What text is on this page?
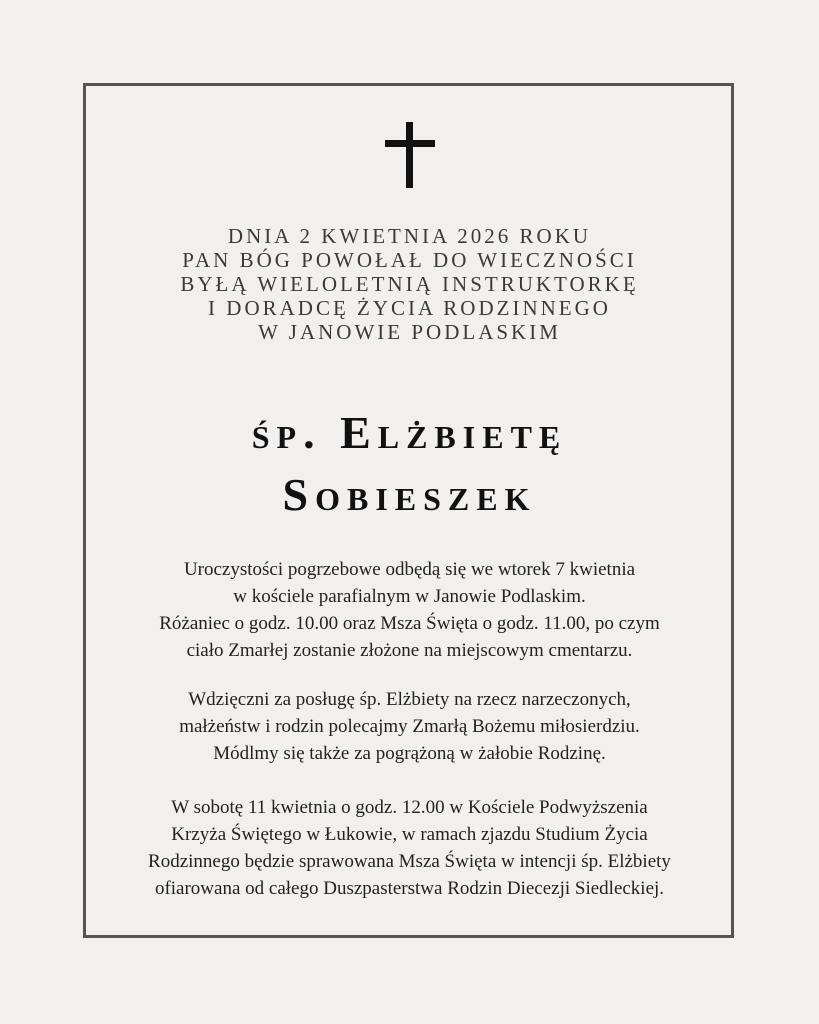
DNIA 2 KWIETNIA 2026 ROKU
PAN BÓG POWOŁAŁ DO WIECZNOŚCI
BYŁĄ WIELOLETNIĄ INSTRUKTORKĘ
I DORADCĘ ŻYCIA RODZINNEGO
W JANOWIE PODLASKIM
śp. Elżbietę
Sobieszek
Uroczystości pogrzebowe odbędą się we wtorek 7 kwietnia
w kościele parafialnym w Janowie Podlaskim.
Różaniec o godz. 10.00 oraz Msza Święta o godz. 11.00, po czym
ciało Zmarłej zostanie złożone na miejscowym cmentarzu.
Wdzięczni za posługę śp. Elżbiety na rzecz narzeczonych,
małżeństw i rodzin polecajmy Zmarłą Bożemu miłosierdziu.
Módlmy się także za pogrążoną w żałobie Rodzinę.
W sobotę 11 kwietnia o godz. 12.00 w Kościele Podwyższenia
Krzyża Świętego w Łukowie, w ramach zjazdu Studium Życia
Rodzinnego będzie sprawowana Msza Święta w intencji śp. Elżbiety
ofiarowana od całego Duszpasterstwa Rodzin Diecezji Siedleckiej.
